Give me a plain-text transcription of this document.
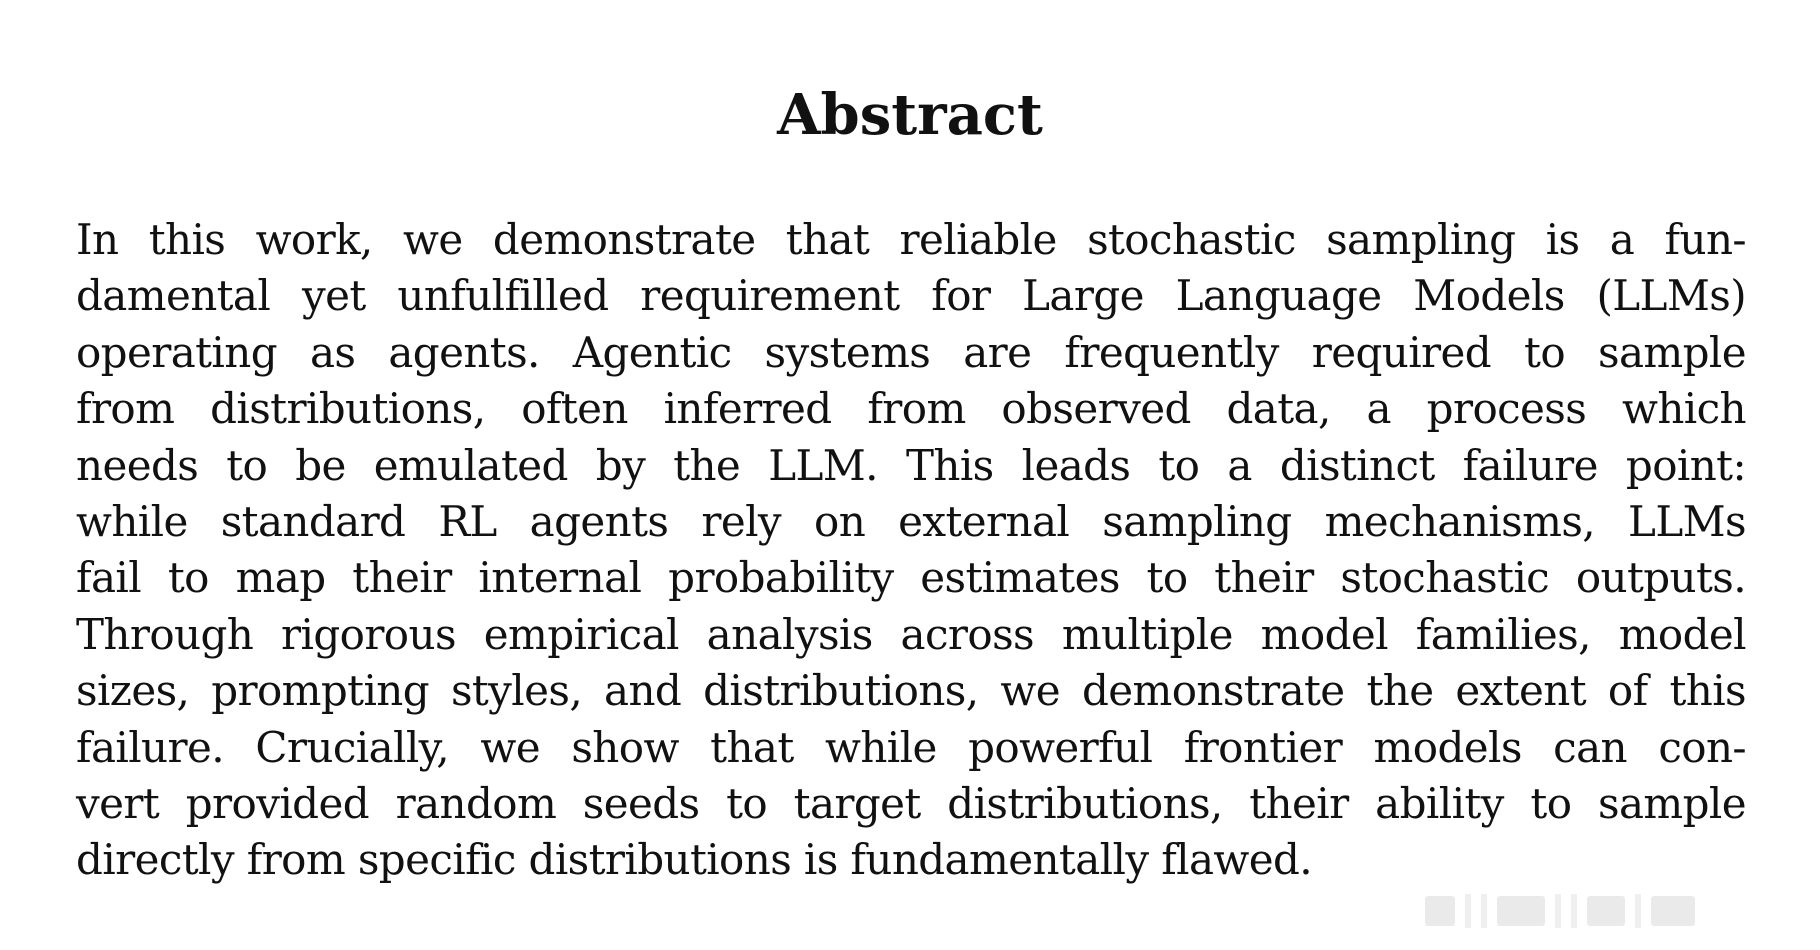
Abstract
In this work, we demonstrate that reliable stochastic sampling is a fun-
damental yet unfulfilled requirement for Large Language Models (LLMs)
operating as agents. Agentic systems are frequently required to sample
from distributions, often inferred from observed data, a process which
needs to be emulated by the LLM. This leads to a distinct failure point:
while standard RL agents rely on external sampling mechanisms, LLMs
fail to map their internal probability estimates to their stochastic outputs.
Through rigorous empirical analysis across multiple model families, model
sizes, prompting styles, and distributions, we demonstrate the extent of this
failure. Crucially, we show that while powerful frontier models can con-
vert provided random seeds to target distributions, their ability to sample
directly from specific distributions is fundamentally flawed.
